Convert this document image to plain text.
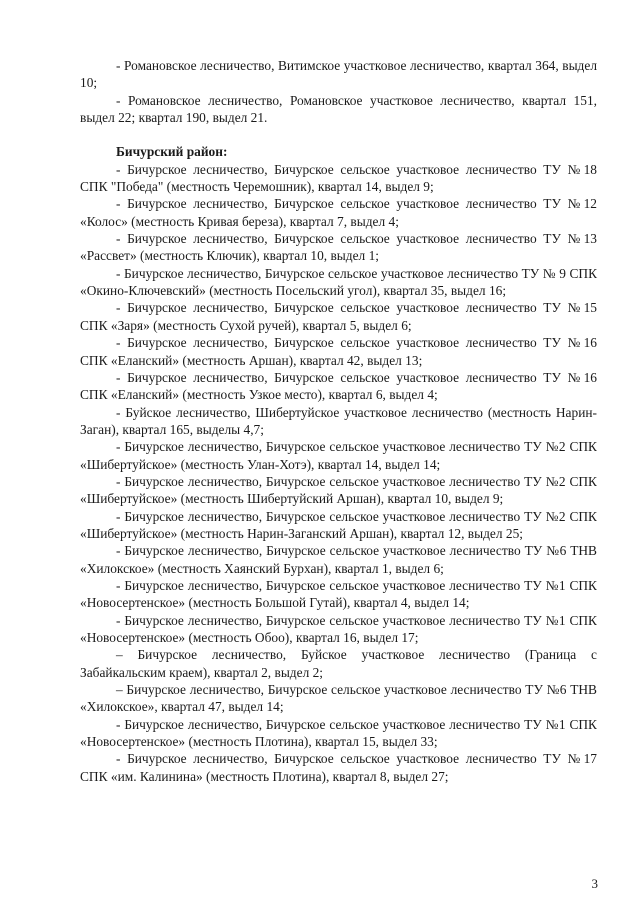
- Романовское лесничество, Витимское участковое лесничество, квартал 364, выдел 10;

- Романовское лесничество, Романовское участковое лесничество, квартал 151, выдел 22; квартал 190, выдел 21.

Бичурский район:

- Бичурское лесничество, Бичурское сельское участковое лесничество ТУ №18 СПК "Победа" (местность Черемошник), квартал 14, выдел 9;

- Бичурское лесничество, Бичурское сельское участковое лесничество ТУ №12 «Колос» (местность Кривая береза), квартал 7, выдел 4;

- Бичурское лесничество, Бичурское сельское участковое лесничество ТУ №13 «Рассвет» (местность Ключик), квартал 10, выдел 1;

- Бичурское лесничество, Бичурское сельское участковое лесничество ТУ № 9 СПК «Окино-Ключевский» (местность Посельский угол), квартал 35, выдел 16;

- Бичурское лесничество, Бичурское сельское участковое лесничество ТУ №15 СПК «Заря» (местность Сухой ручей), квартал 5, выдел 6;

- Бичурское лесничество, Бичурское сельское участковое лесничество ТУ №16 СПК «Еланский» (местность Аршан), квартал 42, выдел 13;

- Бичурское лесничество, Бичурское сельское участковое лесничество ТУ №16 СПК «Еланский» (местность Узкое место), квартал 6, выдел 4;

- Буйское лесничество, Шибертуйское участковое лесничество (местность Нарин-Заган), квартал 165, выделы 4,7;

- Бичурское лесничество, Бичурское сельское участковое лесничество ТУ №2 СПК «Шибертуйское» (местность Улан-Хотэ), квартал 14, выдел 14;

- Бичурское лесничество, Бичурское сельское участковое лесничество ТУ №2 СПК «Шибертуйское» (местность Шибертуйский Аршан), квартал 10, выдел 9;

- Бичурское лесничество, Бичурское сельское участковое лесничество ТУ №2 СПК «Шибертуйское» (местность Нарин-Заганский Аршан), квартал 12, выдел 25;

- Бичурское лесничество, Бичурское сельское участковое лесничество ТУ №6 ТНВ «Хилокское» (местность Хаянский Бурхан), квартал 1, выдел 6;

- Бичурское лесничество, Бичурское сельское участковое лесничество ТУ №1 СПК «Новосертенское» (местность Большой Гутай), квартал 4, выдел 14;

- Бичурское лесничество, Бичурское сельское участковое лесничество ТУ №1 СПК «Новосертенское» (местность Обоо), квартал 16, выдел 17;

– Бичурское лесничество, Буйское участковое лесничество (Граница с Забайкальским краем), квартал 2, выдел 2;

– Бичурское лесничество, Бичурское сельское участковое лесничество ТУ №6 ТНВ «Хилокское», квартал 47, выдел 14;

- Бичурское лесничество, Бичурское сельское участковое лесничество ТУ №1 СПК «Новосертенское» (местность Плотина), квартал 15, выдел 33;

- Бичурское лесничество, Бичурское сельское участковое лесничество ТУ №17 СПК «им. Калинина» (местность Плотина), квартал 8, выдел 27;

3
